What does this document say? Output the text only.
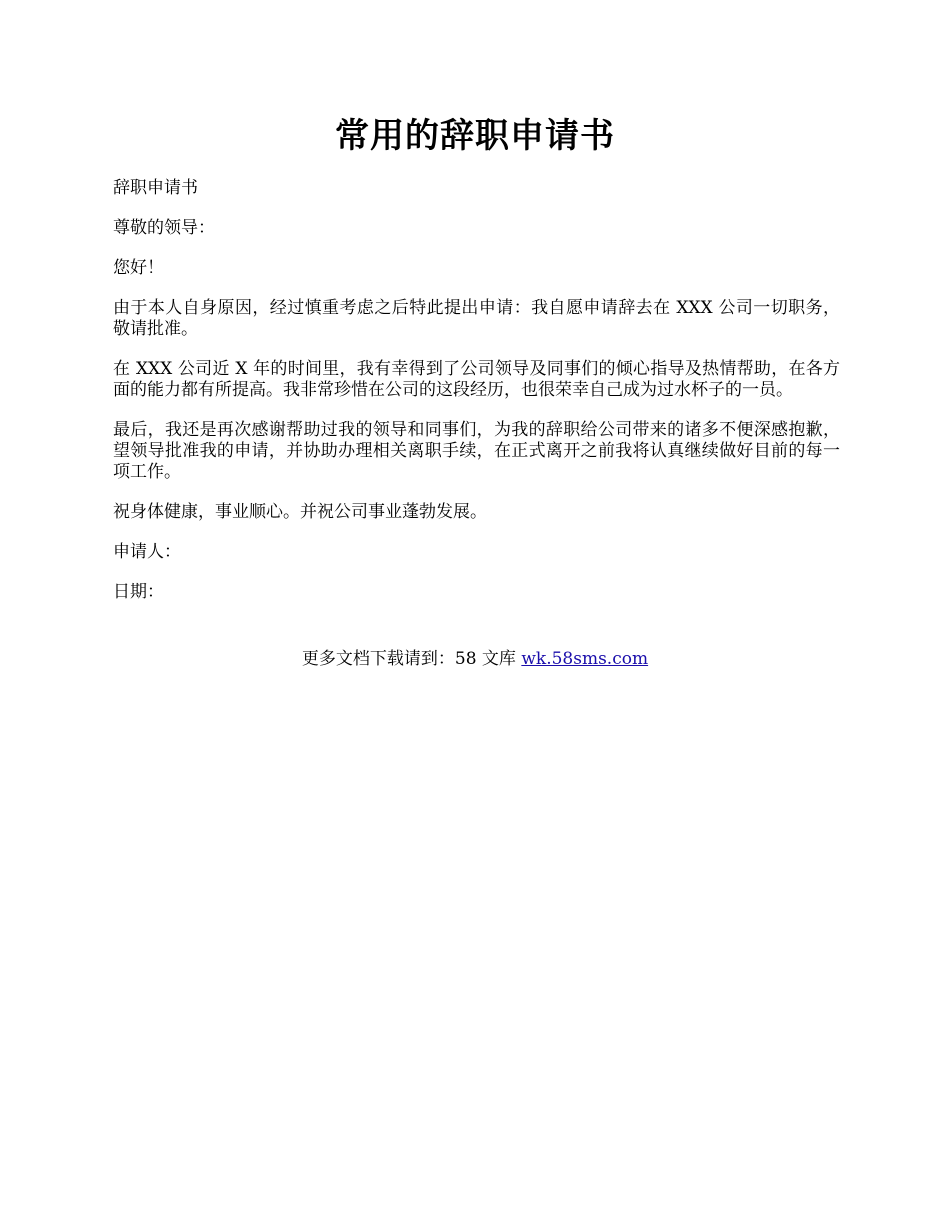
常用的辞职申请书

辞职申请书

尊敬的领导：

您好！

由于本人自身原因，经过慎重考虑之后特此提出申请：我自愿申请辞去在 XXX 公司一切职务，敬请批准。

在 XXX 公司近 X 年的时间里，我有幸得到了公司领导及同事们的倾心指导及热情帮助，在各方面的能力都有所提高。我非常珍惜在公司的这段经历，也很荣幸自己成为过水杯子的一员。

最后，我还是再次感谢帮助过我的领导和同事们，为我的辞职给公司带来的诸多不便深感抱歉，望领导批准我的申请，并协助办理相关离职手续，在正式离开之前我将认真继续做好目前的每一项工作。

祝身体健康，事业顺心。并祝公司事业蓬勃发展。

申请人：

日期：

更多文档下载请到：58 文库 wk.58sms.com
